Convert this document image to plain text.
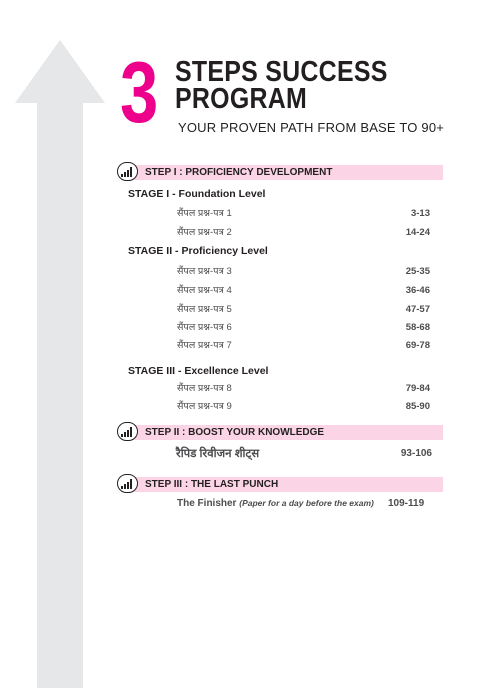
3 STEPS SUCCESS
PROGRAM
YOUR PROVEN PATH FROM BASE TO 90+
STEP I : PROFICIENCY DEVELOPMENT
STAGE I - Foundation Level
सैंपल प्रश्न-पत्र 1	3-13
सैंपल प्रश्न-पत्र 2	14-24
STAGE II - Proficiency Level
सैंपल प्रश्न-पत्र 3	25-35
सैंपल प्रश्न-पत्र 4	36-46
सैंपल प्रश्न-पत्र 5	47-57
सैंपल प्रश्न-पत्र 6	58-68
सैंपल प्रश्न-पत्र 7	69-78
STAGE III - Excellence Level
सैंपल प्रश्न-पत्र 8	79-84
सैंपल प्रश्न-पत्र 9	85-90
STEP II : BOOST YOUR KNOWLEDGE
रैपिड रिवीजन शीट्स	93-106
STEP III : THE LAST PUNCH
The Finisher (Paper for a day before the exam) 109-119
